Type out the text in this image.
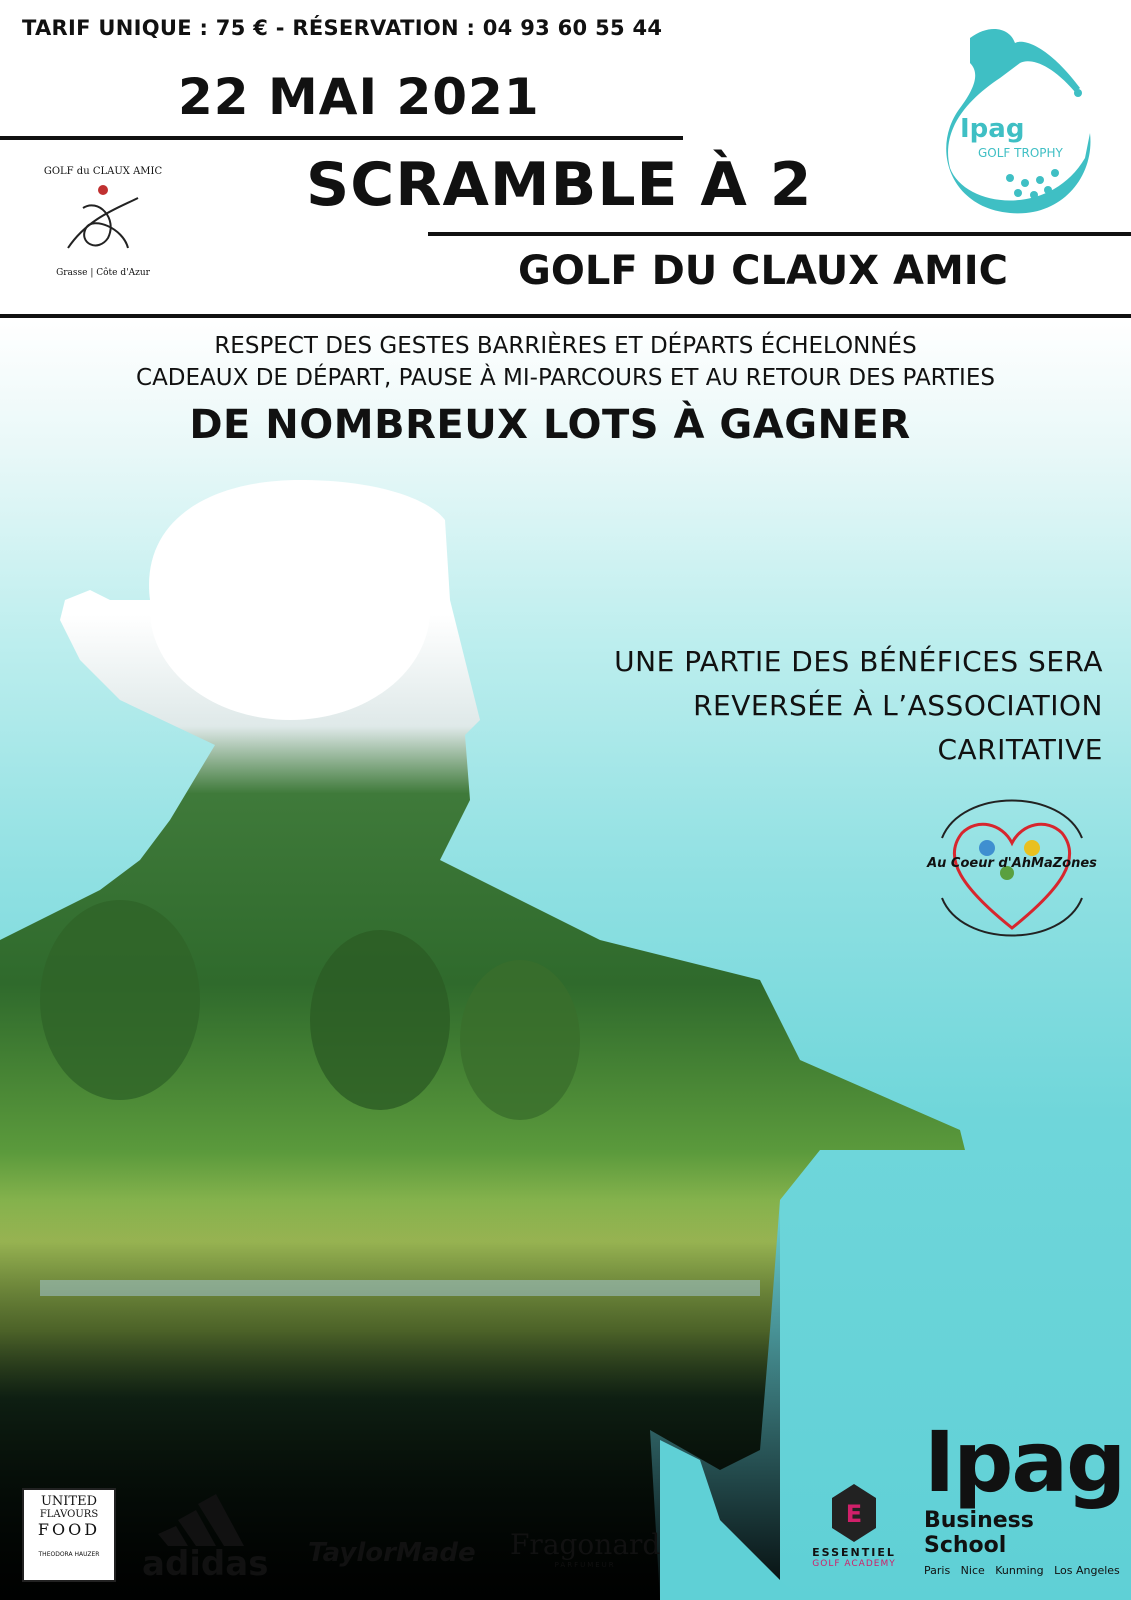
TARIF UNIQUE : 75 € - RÉSERVATION : 04 93 60 55 44
22 MAI 2021
SCRAMBLE À 2
GOLF DU CLAUX AMIC
GOLF du CLAUX AMIC
Grasse | Côte d'Azur
Ipag
GOLF TROPHY
RESPECT DES GESTES BARRIÈRES ET DÉPARTS ÉCHELONNÉS
CADEAUX DE DÉPART, PAUSE À MI-PARCOURS ET AU RETOUR DES PARTIES
DE NOMBREUX LOTS À GAGNER
UNE PARTIE DES BÉNÉFICES SERA
REVERSÉE À L’ASSOCIATION
CARITATIVE
Au Coeur d'AhMaZones
UNITED
FLAVOURS
FOOD
THEODORA HAUZER	adidas TaylorMade Fragonard
PARFUMEUR
E
ESSENTIEL
GOLF ACADEMY
Ipag
Business School
Paris   Nice   Kunming   Los Angeles
